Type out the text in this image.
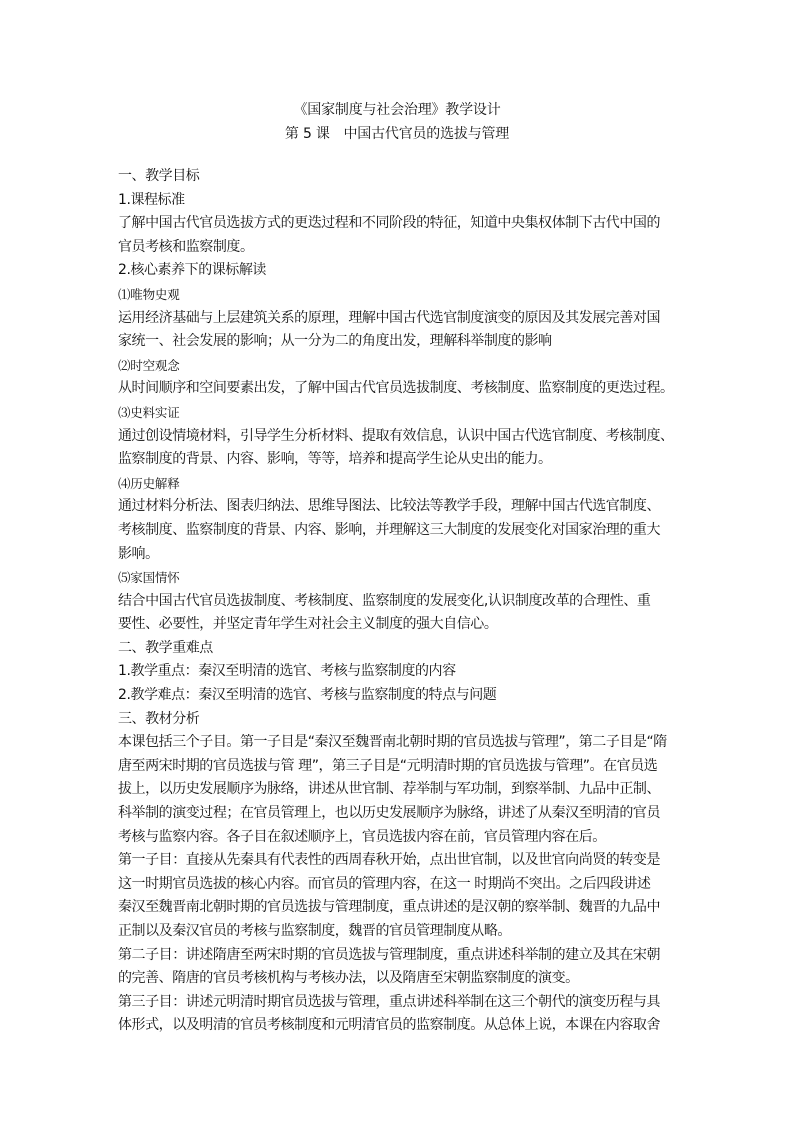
《国家制度与社会治理》教学设计
第 5 课　中国古代官员的选拔与管理
一、教学目标
1.课程标准
了解中国古代官员选拔方式的更迭过程和不同阶段的特征，知道中央集权体制下古代中国的
官员考核和监察制度。
2.核心素养下的课标解读
⑴唯物史观
运用经济基础与上层建筑关系的原理，理解中国古代选官制度演变的原因及其发展完善对国
家统一、社会发展的影响；从一分为二的角度出发，理解科举制度的影响
⑵时空观念
从时间顺序和空间要素出发，了解中国古代官员选拔制度、考核制度、监察制度的更迭过程。
⑶史料实证
通过创设情境材料，引导学生分析材料、提取有效信息，认识中国古代选官制度、考核制度、
监察制度的背景、内容、影响，等等，培养和提高学生论从史出的能力。
⑷历史解释
通过材料分析法、图表归纳法、思维导图法、比较法等教学手段，理解中国古代选官制度、
考核制度、监察制度的背景、内容、影响，并理解这三大制度的发展变化对国家治理的重大
影响。
⑸家国情怀
结合中国古代官员选拔制度、考核制度、监察制度的发展变化,认识制度改革的合理性、重
要性、必要性，并坚定青年学生对社会主义制度的强大自信心。
二、教学重难点
1.教学重点：秦汉至明清的选官、考核与监察制度的内容
2.教学难点：秦汉至明清的选官、考核与监察制度的特点与问题
三、教材分析
本课包括三个子目。第一子目是“秦汉至魏晋南北朝时期的官员选拔与管理”，第二子目是“隋
唐至两宋时期的官员选拔与管 理”，第三子目是“元明清时期的官员选拔与管理”。在官员选
拔上，以历史发展顺序为脉络，讲述从世官制、荐举制与军功制，到察举制、九品中正制、
科举制的演变过程；在官员管理上，也以历史发展顺序为脉络，讲述了从秦汉至明清的官员
考核与监察内容。各子目在叙述顺序上，官员选拔内容在前，官员管理内容在后。
第一子目：直接从先秦具有代表性的西周春秋开始，点出世官制，以及世官向尚贤的转变是
这一时期官员选拔的核心内容。而官员的管理内容，在这一 时期尚不突出。之后四段讲述
秦汉至魏晋南北朝时期的官员选拔与管理制度，重点讲述的是汉朝的察举制、魏晋的九品中
正制以及秦汉官员的考核与监察制度，魏晋的官员管理制度从略。
第二子目：讲述隋唐至两宋时期的官员选拔与管理制度，重点讲述科举制的建立及其在宋朝
的完善、隋唐的官员考核机构与考核办法，以及隋唐至宋朝监察制度的演变。
第三子目：讲述元明清时期官员选拔与管理，重点讲述科举制在这三个朝代的演变历程与具
体形式，以及明清的官员考核制度和元明清官员的监察制度。从总体上说，本课在内容取舍
